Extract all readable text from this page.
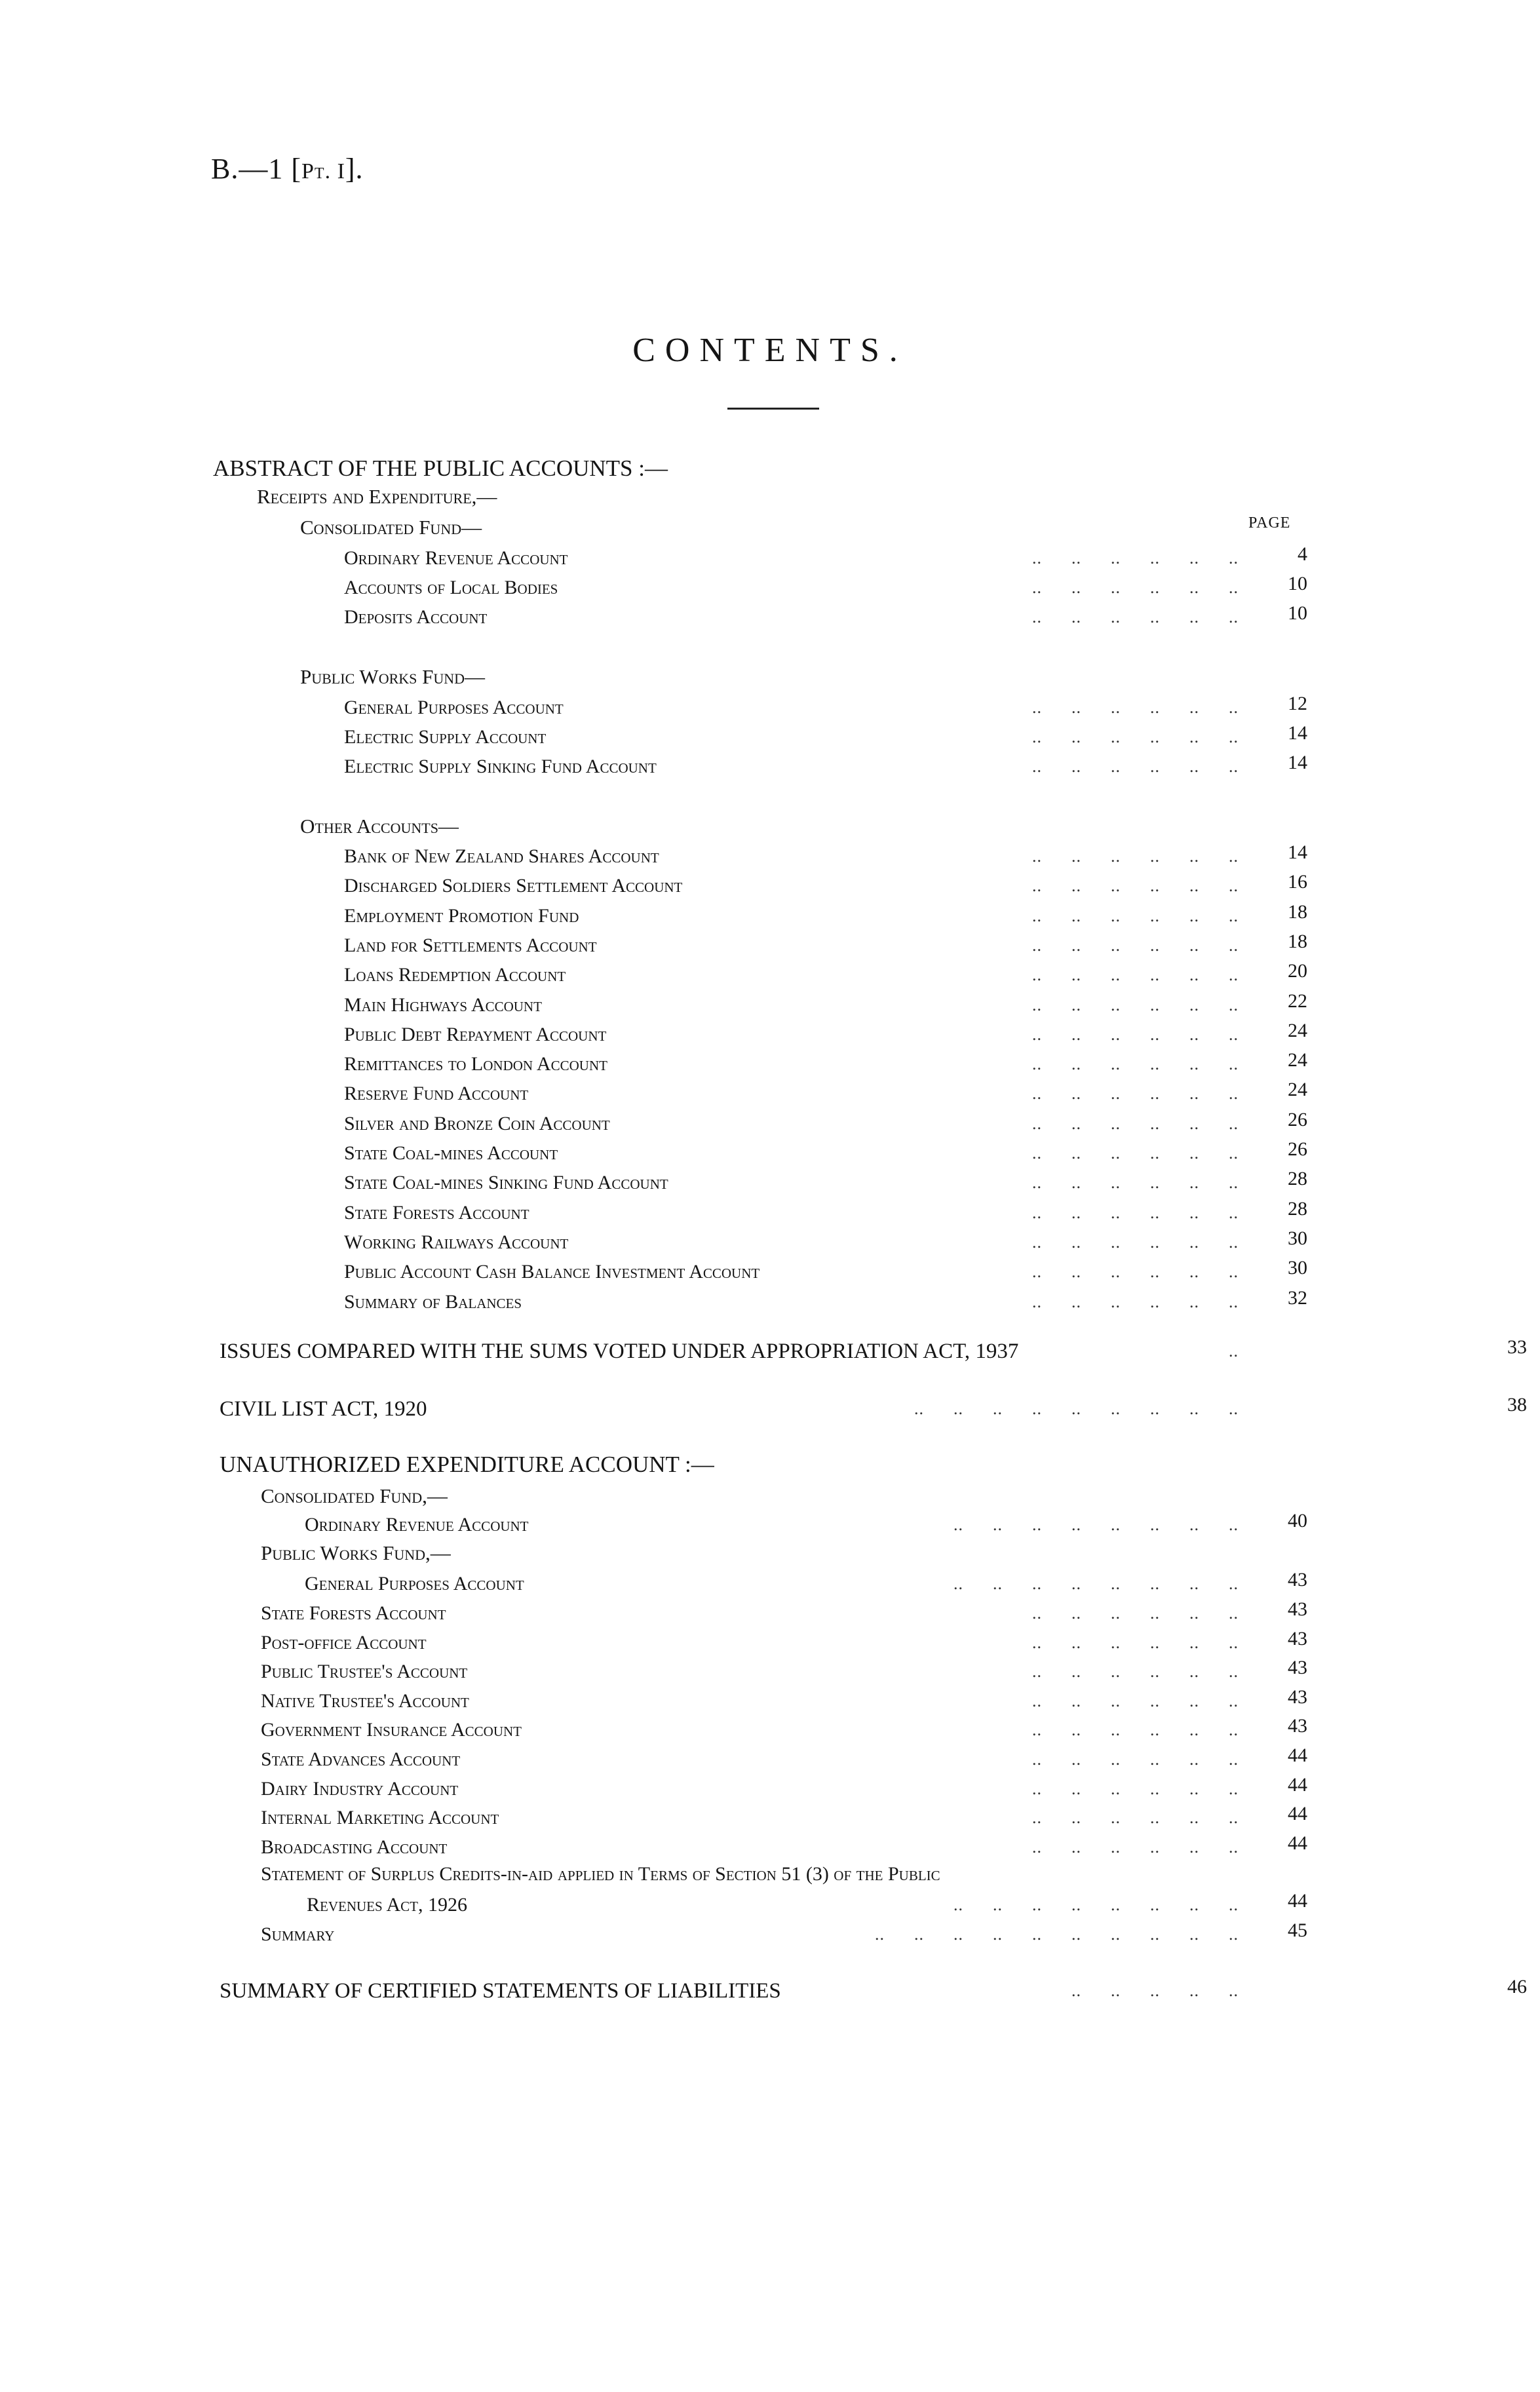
B.—1 [Pt. I].
CONTENTS.
ABSTRACT OF THE PUBLIC ACCOUNTS :—
Receipts and Expenditure,—
Consolidated Fund—	PAGE
Ordinary Revenue Account	..      ..      ..      ..      ..      ..	4
Accounts of Local Bodies	..      ..      ..      ..      ..      ..	10
Deposits Account	..      ..      ..      ..      ..      ..	10
Public Works Fund—
General Purposes Account	..      ..      ..      ..      ..      ..	12
Electric Supply Account	..      ..      ..      ..      ..      ..	14
Electric Supply Sinking Fund Account	..      ..      ..      ..      ..      ..	14
Other Accounts—
Bank of New Zealand Shares Account	..      ..      ..      ..      ..      ..	14
Discharged Soldiers Settlement Account	..      ..      ..      ..      ..      ..	16
Employment Promotion Fund	..      ..      ..      ..      ..      ..	18
Land for Settlements Account	..      ..      ..      ..      ..      ..	18
Loans Redemption Account	..      ..      ..      ..      ..      ..	20
Main Highways Account	..      ..      ..      ..      ..      ..	22
Public Debt Repayment Account	..      ..      ..      ..      ..      ..	24
Remittances to London Account	..      ..      ..      ..      ..      ..	24
Reserve Fund Account	..      ..      ..      ..      ..      ..	24
Silver and Bronze Coin Account	..      ..      ..      ..      ..      ..	26
State Coal-mines Account	..      ..      ..      ..      ..      ..	26
State Coal-mines Sinking Fund Account	..      ..      ..      ..      ..      ..	28
State Forests Account	..      ..      ..      ..      ..      ..	28
Working Railways Account	..      ..      ..      ..      ..      ..	30
Public Account Cash Balance Investment Account	..      ..      ..      ..      ..      ..	30
Summary of Balances	..      ..      ..      ..      ..      ..	32
ISSUES COMPARED WITH THE SUMS VOTED UNDER APPROPRIATION ACT, 1937	..	33
CIVIL LIST ACT, 1920	..      ..      ..      ..      ..      ..      ..      ..      ..	38
UNAUTHORIZED EXPENDITURE ACCOUNT :—
Consolidated Fund,—
Ordinary Revenue Account	..      ..      ..      ..      ..      ..      ..      ..	40
Public Works Fund,—
General Purposes Account	..      ..      ..      ..      ..      ..      ..      ..	43
State Forests Account	..      ..      ..      ..      ..      ..	43
Post-office Account	..      ..      ..      ..      ..      ..	43
Public Trustee's Account	..      ..      ..      ..      ..      ..	43
Native Trustee's Account	..      ..      ..      ..      ..      ..	43
Government Insurance Account	..      ..      ..      ..      ..      ..	43
State Advances Account	..      ..      ..      ..      ..      ..	44
Dairy Industry Account	..      ..      ..      ..      ..      ..	44
Internal Marketing Account	..      ..      ..      ..      ..      ..	44
Broadcasting Account	..      ..      ..      ..      ..      ..	44
Statement of Surplus Credits-in-aid applied in Terms of Section 51 (3) of the Public
Revenues Act, 1926	..      ..      ..      ..      ..      ..      ..      ..	44
Summary	..      ..      ..      ..      ..      ..      ..      ..      ..      ..	45
SUMMARY OF CERTIFIED STATEMENTS OF LIABILITIES	..      ..      ..      ..      ..	46
